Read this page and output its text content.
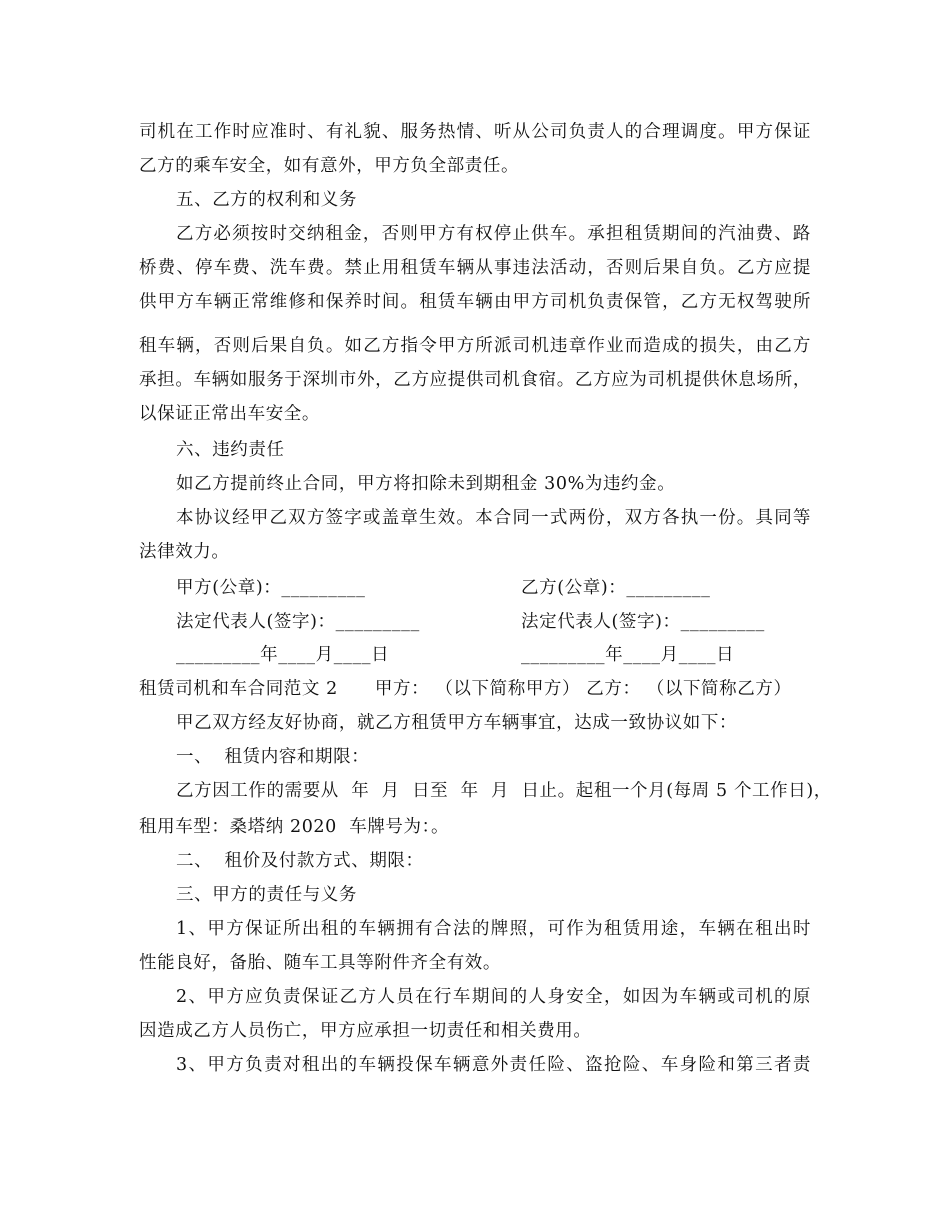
司机在工作时应准时、有礼貌、服务热情、听从公司负责人的合理调度。甲方保证
乙方的乘车安全，如有意外，甲方负全部责任。
五、乙方的权利和义务
乙方必须按时交纳租金，否则甲方有权停止供车。承担租赁期间的汽油费、路
桥费、停车费、洗车费。禁止用租赁车辆从事违法活动，否则后果自负。乙方应提
供甲方车辆正常维修和保养时间。租赁车辆由甲方司机负责保管，乙方无权驾驶所
租车辆，否则后果自负。如乙方指令甲方所派司机违章作业而造成的损失，由乙方
承担。车辆如服务于深圳市外，乙方应提供司机食宿。乙方应为司机提供休息场所，
以保证正常出车安全。
六、违约责任
如乙方提前终止合同，甲方将扣除未到期租金 30%为违约金。
本协议经甲乙双方签字或盖章生效。本合同一式两份，双方各执一份。具同等
法律效力。
甲方(公章)：_________	乙方(公章)：_________
法定代表人(签字)：_________	法定代表人(签字)：_________
_________年____月____日	_________年____月____日
租赁司机和车合同范文 2      甲方： （以下简称甲方） 乙方： （以下简称乙方）
甲乙双方经友好协商，就乙方租赁甲方车辆事宜，达成一致协议如下：
一、  租赁内容和期限：
乙方因工作的需要从  年  月  日至  年  月  日止。起租一个月(每周 5 个工作日)，
租用车型：桑塔纳 2020  车牌号为：。
二、  租价及付款方式、期限：
三、甲方的责任与义务
1、甲方保证所出租的车辆拥有合法的牌照，可作为租赁用途，车辆在租出时
性能良好，备胎、随车工具等附件齐全有效。
2、甲方应负责保证乙方人员在行车期间的人身安全，如因为车辆或司机的原
因造成乙方人员伤亡，甲方应承担一切责任和相关费用。
3、甲方负责对租出的车辆投保车辆意外责任险、盗抢险、车身险和第三者责
